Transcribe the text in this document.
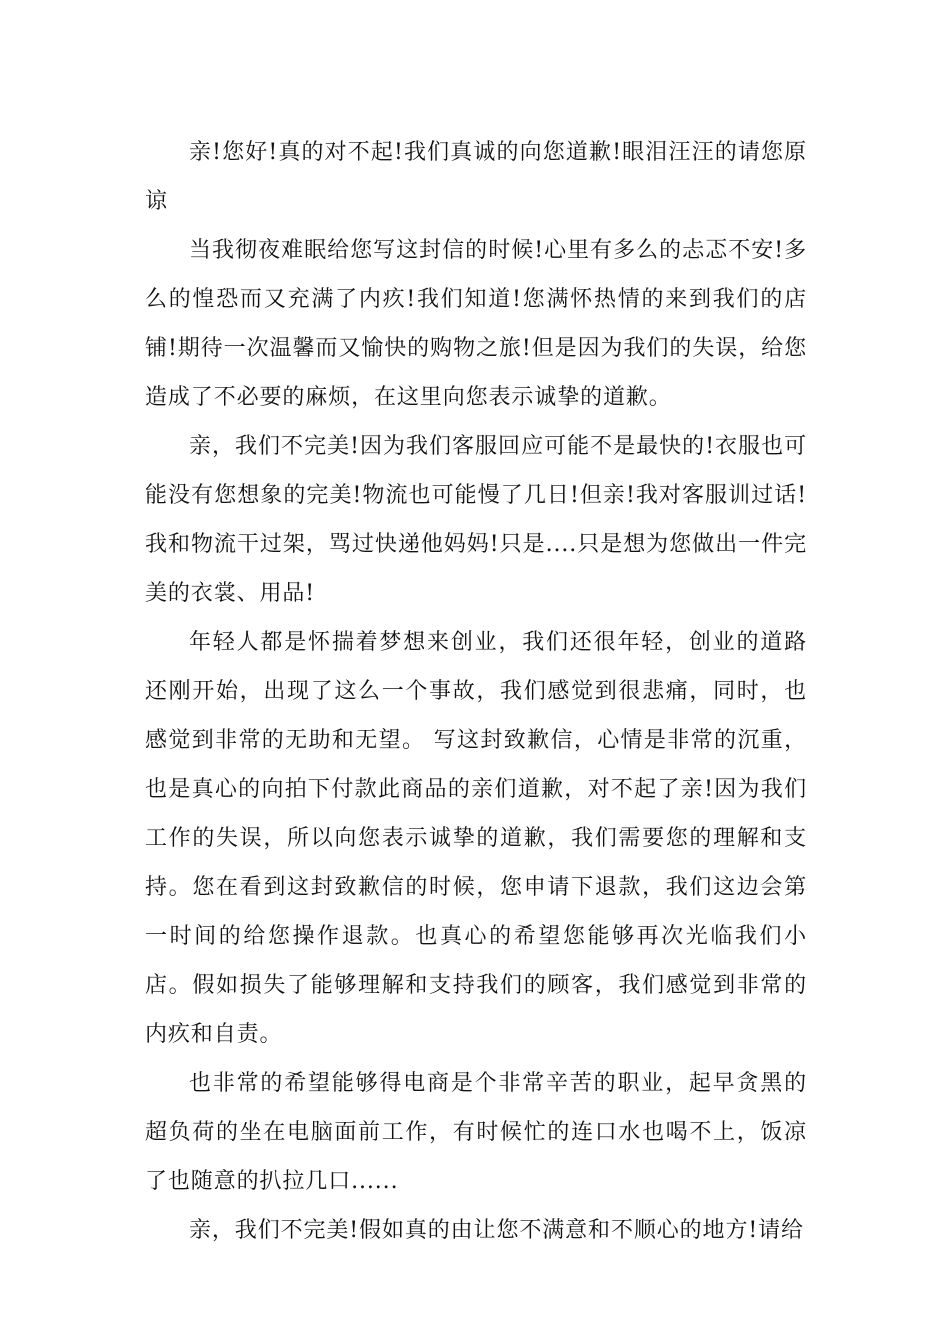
亲!您好!真的对不起!我们真诚的向您道歉!眼泪汪汪的请您原谅

当我彻夜难眠给您写这封信的时候!心里有多么的忐忑不安!多么的惶恐而又充满了内疚!我们知道!您满怀热情的来到我们的店铺!期待一次温馨而又愉快的购物之旅!但是因为我们的失误，给您造成了不必要的麻烦，在这里向您表示诚挚的道歉。

亲，我们不完美!因为我们客服回应可能不是最快的!衣服也可能没有您想象的完美!物流也可能慢了几日!但亲!我对客服训过话!我和物流干过架，骂过快递他妈妈!只是....只是想为您做出一件完美的衣裳、用品!

年轻人都是怀揣着梦想来创业，我们还很年轻，创业的道路还刚开始，出现了这么一个事故，我们感觉到很悲痛，同时，也感觉到非常的无助和无望。 写这封致歉信，心情是非常的沉重，也是真心的向拍下付款此商品的亲们道歉，对不起了亲!因为我们工作的失误，所以向您表示诚挚的道歉，我们需要您的理解和支持。您在看到这封致歉信的时候，您申请下退款，我们这边会第一时间的给您操作退款。也真心的希望您能够再次光临我们小店。假如损失了能够理解和支持我们的顾客，我们感觉到非常的内疚和自责。

也非常的希望能够得电商是个非常辛苦的职业，起早贪黑的超负荷的坐在电脑面前工作，有时候忙的连口水也喝不上，饭凉了也随意的扒拉几口......

亲，我们不完美!假如真的由让您不满意和不顺心的地方!请给
